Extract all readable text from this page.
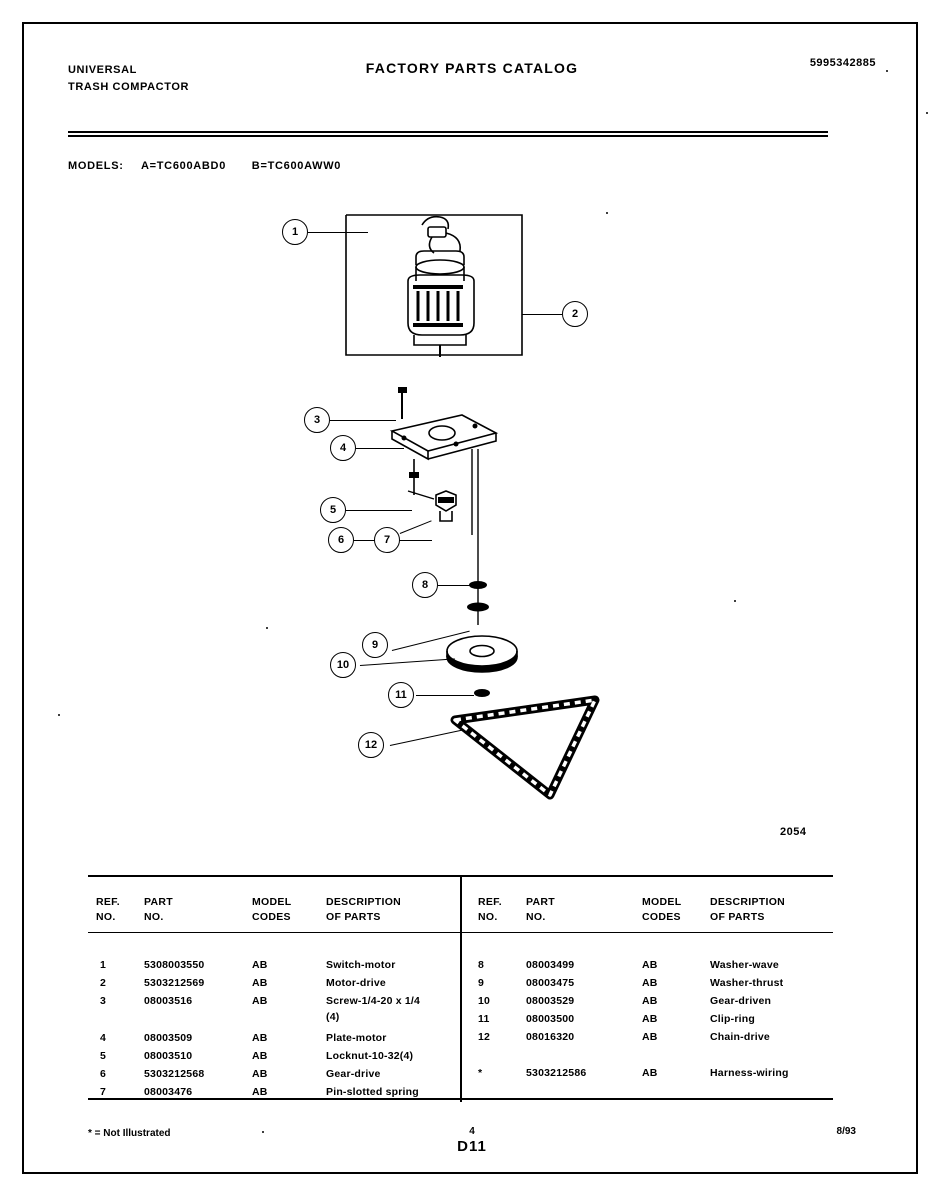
UNIVERSAL
TRASH COMPACTOR
FACTORY PARTS CATALOG	5995342885
MODELS: A=TC600ABD0 B=TC600AWW0
1
2
3
4
5
6	7
8
9
10
11
12
2054
REF.
NO.
PART
NO.
MODEL
CODES
DESCRIPTION
OF PARTS
REF.
NO.
PART
NO.
MODEL
CODES
DESCRIPTION
OF PARTS
1	5308003550	AB	Switch-motor
2	5303212569	AB	Motor-drive
3	08003516	AB	Screw-1/4-20 x 1/4
(4)
4	08003509	AB	Plate-motor
5	08003510	AB	Locknut-10-32(4)
6	5303212568	AB	Gear-drive
7	08003476	AB	Pin-slotted spring
8	08003499	AB	Washer-wave
9	08003475	AB	Washer-thrust
10	08003529	AB	Gear-driven
11	08003500	AB	Clip-ring
12	08016320	AB	Chain-drive
*	5303212586	AB	Harness-wiring
* = Not Illustrated	4
D11
8/93
